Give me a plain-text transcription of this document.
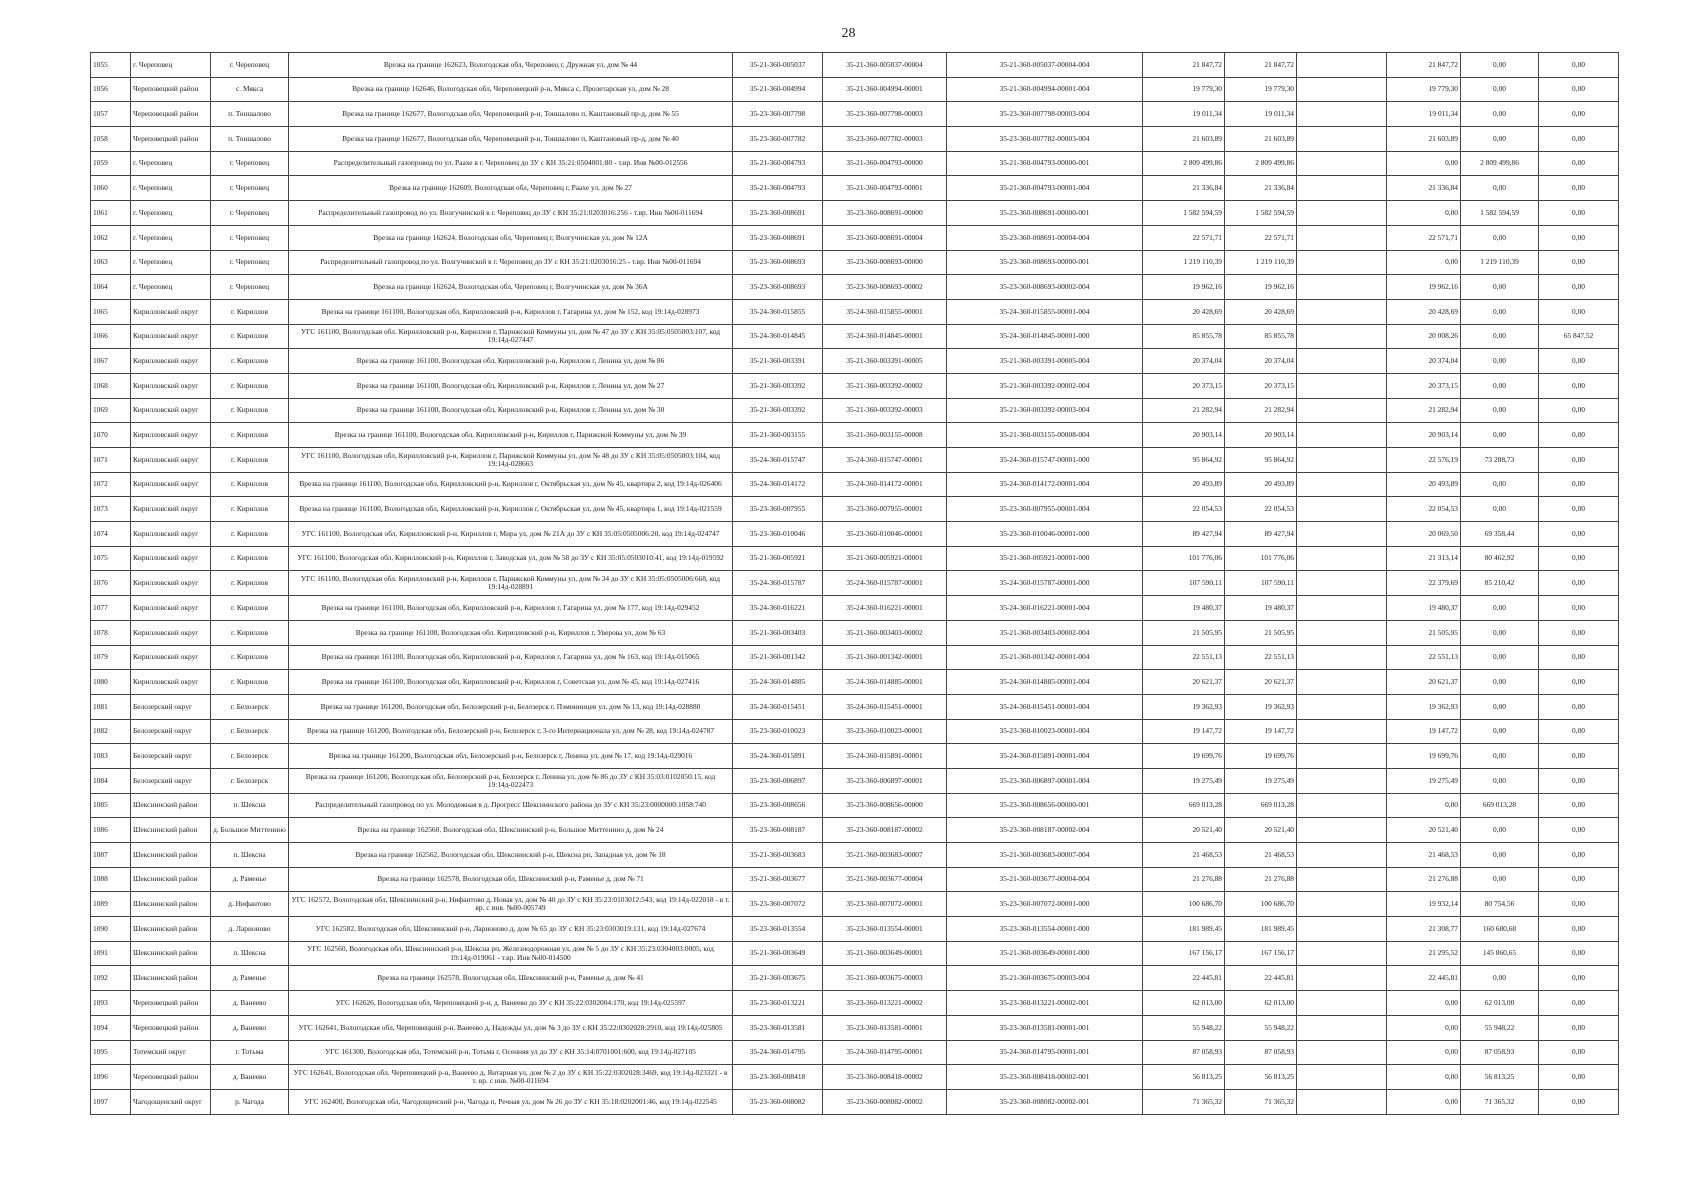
28
1055	г. Череповец	г. Череповец	Врезка на границе 162623, Вологодская обл, Череповец г, Дружная ул, дом № 44	35-21-360-005037	35-21-360-005037-00004	35-21-360-005037-00004-004	21 847,72	21 847,72		21 847,72	0,00	0,00
1056	Череповецкий район	с. Мякса	Врезка на границе 162646, Вологодская обл, Череповецкий р-н, Мякса с, Пролетарская ул, дом № 28	35-21-360-004994	35-21-360-004994-00001	35-21-360-004994-00001-004	19 779,30	19 779,30		19 779,30	0,00	0,00
1057	Череповецкий район	п. Тоншалово	Врезка на границе 162677, Вологодская обл, Череповецкий р-н, Тоншалово п, Каштановый пр-д, дом № 55	35-23-360-007798	35-23-360-007798-00003	35-23-360-007798-00003-004	19 011,34	19 011,34		19 011,34	0,00	0,00
1058	Череповецкий район	п. Тоншалово	Врезка на границе 162677, Вологодская обл, Череповецкий р-н, Тоншалово п, Каштановый пр-д, дом № 40	35-23-360-007782	35-23-360-007782-00003	35-23-360-007782-00003-004	21 603,89	21 603,89		21 603,89	0,00	0,00
1059	г. Череповец	г. Череповец	Распределительный газопровод по ул. Раахе в г. Череповец до ЗУ с КН 35:21:0504001:80 - т.вр. Инв №00-012556	35-21-360-004793	35-21-360-004793-00000	35-21-360-004793-00000-001	2 809 499,86	2 809 499,86		0,00	2 809 499,86	0,00
1060	г. Череповец	г. Череповец	Врезка на границе 162609, Вологодская обл, Череповец г, Раахе ул, дом № 27	35-21-360-004793	35-21-360-004793-00001	35-21-360-004793-00001-004	21 336,84	21 336,84		21 336,84	0,00	0,00
1061	г. Череповец	г. Череповец	Распределительный газопровод по ул. Волгучинской в г. Череповец до ЗУ с КН 35:21:0203016:256 - т.вр. Инв №00-011694	35-23-360-008691	35-23-360-008691-00000	35-23-360-008691-00000-001	1 582 594,59	1 582 594,59		0,00	1 582 594,59	0,00
1062	г. Череповец	г. Череповец	Врезка на границе 162624, Вологодская обл, Череповец г, Волгучинская ул, дом № 12А	35-23-360-008691	35-23-360-008691-00004	35-23-360-008691-00004-004	22 571,71	22 571,71		22 571,71	0,00	0,00
1063	г. Череповец	г. Череповец	Распределительный газопровод по ул. Волгучинской в г. Череповец до ЗУ с КН 35:21:0203016:25 - т.вр. Инв №00-011694	35-23-360-008693	35-23-360-008693-00000	35-23-360-008693-00000-001	1 219 110,39	1 219 110,39		0,00	1 219 110,39	0,00
1064	г. Череповец	г. Череповец	Врезка на границе 162624, Вологодская обл, Череповец г, Волгучинская ул, дом № 36А	35-23-360-008693	35-23-360-008693-00002	35-23-360-008693-00002-004	19 962,16	19 962,16		19 962,16	0,00	0,00
1065	Кирилловский округ	г. Кириллов	Врезка на границе 161100, Вологодская обл, Кирилловский р-н, Кириллов г, Гагарина ул, дом № 152, код 19:14д-028973	35-24-360-015855	35-24-360-015855-00001	35-24-360-015855-00001-004	20 428,69	20 428,69		20 428,69	0,00	0,00
1066	Кирилловский округ	г. Кириллов	УГС 161100, Вологодская обл. Кирилловский р-н, Кириллов г, Парижской Коммуны ул, дом № 47 до ЗУ с КН 35:05:0505003:107, код 19:14д-027447	35-24-360-014845	35-24-360-014845-00001	35-24-360-014845-00001-000	85 855,78	85 855,78		20 008,26	0,00	65 847,52
1067	Кирилловский округ	г. Кириллов	Врезка на границе 161100, Вологодская обл, Кирилловский р-н, Кириллов г, Ленина ул, дом № 86	35-21-360-003391	35-21-360-003391-00005	35-21-360-003391-00005-004	20 374,04	20 374,04		20 374,04	0,00	0,00
1068	Кирилловский округ	г. Кириллов	Врезка на границе 161100, Вологодская обл, Кирилловский р-н, Кириллов г, Ленина ул, дом № 27	35-21-360-003392	35-21-360-003392-00002	35-21-360-003392-00002-004	20 373,15	20 373,15		20 373,15	0,00	0,00
1069	Кирилловский округ	г. Кириллов	Врезка на границе 161100, Вологодская обл, Кирилловский р-н, Кириллов г, Ленина ул, дом № 30	35-21-360-003392	35-21-360-003392-00003	35-21-360-003392-00003-004	21 282,94	21 282,94		21 282,94	0,00	0,00
1070	Кирилловский округ	г. Кириллов	Врезка на границе 161100, Вологодская обл, Кирилловский р-н, Кириллов г, Парижской Коммуны ул, дом № 39	35-21-360-003155	35-21-360-003155-00008	35-21-360-003155-00008-004	20 903,14	20 903,14		20 903,14	0,00	0,00
1071	Кирилловский округ	г. Кириллов	УГС 161100, Вологодская обл, Кирилловский р-н, Кириллов г, Парижской Коммуны ул, дом № 48 до ЗУ с КН 35:05:0505003:104, код 19:14д-028663	35-24-360-015747	35-24-360-015747-00001	35-24-360-015747-00001-000	95 864,92	95 864,92		22 576,19	73 288,73	0,00
1072	Кирилловский округ	г. Кириллов	Врезка на границе 161100, Вологодская обл, Кирилловский р-н, Кириллов г, Октябрьская ул, дом № 45, квартира 2, код 19:14д-026406	35-24-360-014172	35-24-360-014172-00001	35-24-360-014172-00001-004	20 493,89	20 493,89		20 493,89	0,00	0,00
1073	Кирилловский округ	г. Кириллов	Врезка на границе 161100, Вологодская обл, Кирилловский р-н, Кириллов г, Октябрьская ул, дом № 45, квартира 1, код 19:14д-021559	35-23-360-007955	35-23-360-007955-00001	35-23-360-007955-00001-004	22 054,53	22 054,53		22 054,53	0,00	0,00
1074	Кирилловский округ	г. Кириллов	УГС 161100, Вологодская обл, Кирилловский р-н, Кириллов г, Мира ул, дом № 21А до ЗУ с КН 35:05:0505006:20, код 19:14д-024747	35-23-360-010046	35-23-360-010046-00001	35-23-360-010046-00001-000	89 427,94	89 427,94		20 069,50	69 358,44	0,00
1075	Кирилловский округ	г. Кириллов	УГС 161100, Вологодская обл, Кирилловский р-н, Кириллов г, Заводская ул, дом № 58 до ЗУ с КН 35:05:0503010:41, код 19:14д-019592	35-21-360-005921	35-21-360-005921-00001	35-21-360-005921-00001-000	101 776,06	101 776,06		21 313,14	80 462,92	0,00
1076	Кирилловский округ	г. Кириллов	УГС 161100, Вологодская обл. Кирилловский р-н, Кириллов г, Парижской Коммуны ул, дом № 34 до ЗУ с КН 35:05:0505006:668, код 19:14д-028891	35-24-360-015787	35-24-360-015787-00001	35-24-360-015787-00001-000	107 590,11	107 590,11		22 379,69	85 210,42	0,00
1077	Кирилловский округ	г. Кириллов	Врезка на границе 161100, Вологодская обл, Кирилловский р-н, Кириллов г, Гагарина ул, дом № 177, код 19:14д-029452	35-24-360-016221	35-24-360-016221-00001	35-24-360-016221-00001-004	19 480,37	19 480,37		19 480,37	0,00	0,00
1078	Кирилловский округ	г. Кириллов	Врезка на границе 161100, Вологодская обл. Кирилловский р-н, Кириллов г, Уверова ул, дом № 63	35-21-360-003403	35-21-360-003403-00002	35-21-360-003403-00002-004	21 505,95	21 505,95		21 505,95	0,00	0,00
1079	Кирилловский округ	г. Кириллов	Врезка на границе 161100, Вологодская обл, Кирилловский р-н, Кириллов г, Гагарина ул, дом № 163, код 19:14д-015065	35-21-360-001342	35-21-360-001342-00001	35-21-360-001342-00001-004	22 551,13	22 551,13		22 551,13	0,00	0,00
1080	Кирилловский округ	г. Кириллов	Врезка на границе 161100, Вологодская обл, Кирилловский р-н, Кириллов г, Советская ул, дом № 45, код 19:14д-027416	35-24-360-014885	35-24-360-014885-00001	35-24-360-014885-00001-004	20 621,37	20 621,37		20 621,37	0,00	0,00
1081	Белозерский округ	г. Белозерск	Врезка на границе 161200, Вологодская обл, Белозерский р-н, Белозерск г, Пэмининцев ул, дом № 13, код 19:14д-028880	35-24-360-015451	35-24-360-015451-00001	35-24-360-015451-00001-004	19 362,93	19 362,93		19 362,93	0,00	0,00
1082	Белозерский округ	г. Белозерск	Врезка на границе 161200, Вологодская обл, Белозерский р-н, Белозерск г, 3-го Интернационала ул, дом № 28, код 19:14д-024787	35-23-360-010023	35-23-360-010023-00001	35-23-360-010023-00001-004	19 147,72	19 147,72		19 147,72	0,00	0,00
1083	Белозерский округ	г. Белозерск	Врезка на границе 161200, Вологодская обл, Белозерский р-н, Белозерск г, Ленина ул, дом № 17, код 19:14д-029016	35-24-360-015891	35-24-360-015891-00001	35-24-360-015891-00001-004	19 699,76	19 699,76		19 699,76	0,00	0,00
1084	Белозерский округ	г. Белозерск	Врезка на границе 161200, Вологодская обл, Белозерский р-н, Белозерск г, Ленина ул, дом № 86 до ЗУ с КН 35:03:0102050:15, код 19:14д-022473	35-23-360-006897	35-23-360-006897-00001	35-23-360-006897-00001-004	19 275,49	19 275,49		19 275,49	0,00	0,00
1085	Шекснинский район	п. Шексна	Распределительный газопровод по ул. Молодежная в д. Прогресс Шекснинского района до ЗУ с КН 35:23:0000000:1058:740	35-23-360-008656	35-23-360-008656-00000	35-23-360-008656-00000-001	669 013,28	669 013,28		0,00	669 013,28	0,00
1086	Шекснинский район	д. Большое Миттенино	Врезка на границе 162560, Вологодская обл, Шекснинский р-н, Большое Миттенино д, дом № 24	35-23-360-008187	35-23-360-008187-00002	35-23-360-008187-00002-004	20 521,40	20 521,40		20 521,40	0,00	0,00
1087	Шекснинский район	п. Шексна	Врезка на границе 162562, Вологодская обл, Шекснинский р-н, Шексна рп, Западная ул, дом № 18	35-21-360-003683	35-21-360-003683-00007	35-21-360-003683-00007-004	21 468,53	21 468,53		21 468,53	0,00	0,00
1088	Шекснинский район	д. Раменье	Врезка на границе 162578, Вологодская обл, Шекснинский р-н, Раменье д, дом № 71	35-21-360-003677	35-21-360-003677-00004	35-21-360-003677-00004-004	21 276,88	21 276,88		21 276,88	0,00	0,00
1089	Шекснинский район	д. Нифантово	УГС 162572, Вологодская обл, Шекснинский р-н, Нифантово д, Новая ул, дом № 40 до ЗУ с КН 35:23:0103012:543, код 19:14д-022018 - в т. вр. с инв. №00-005749	35-23-360-007072	35-23-360-007072-00001	35-23-360-007072-00001-000	100 686,70	100 686,70		19 932,14	80 754,56	0,00
1090	Шекснинский район	д. Ларионово	УГС 162582, Вологодская обл, Шекснинский р-н, Ларионово д, дом № 65 до ЗУ с КН 35:23:0303019:131, код 19:14д-027674	35-23-360-013554	35-23-360-013554-00001	35-23-360-013554-00001-000	181 989,45	181 989,45		21 308,77	160 680,68	0,00
1091	Шекснинский район	п. Шексна	УГС 162560, Вологодская обл, Шекснинский р-н, Шексна рп, Железнодорожная ул, дом № 5 до ЗУ с КН 35:23:0304003:0005, код 19:14д-019061 - т.вр. Инв №00-014500	35-21-360-003649	35-21-360-003649-00001	35-21-360-003649-00001-000	167 156,17	167 156,17		21 295,52	145 860,65	0,00
1092	Шекснинский район	д. Раменье	Врезка на границе 162578, Вологодская обл, Шекснинский р-н, Раменье д, дом № 41	35-21-360-003675	35-21-360-003675-00003	35-21-360-003675-00003-004	22 445,81	22 445,81		22 445,81	0,00	0,00
1093	Череповецкий район	д. Ванеево	УГС 162626, Вологодская обл, Череповецкий р-н, д. Ванеево до ЗУ с КН 35:22:0302004:170, код 19:14д-025597	35-23-360-013221	35-23-360-013221-00002	35-23-360-013221-00002-001	62 013,00	62 013,00		0,00	62 013,00	0,00
1094	Череповецкий район	д. Ванеево	УГС 162641, Вологодская обл, Череповецкий р-н, Ванеево д, Надежды ул, дом № 3 до ЗУ с КН 35:22:0302028:2910, код 19:14д-025805	35-23-360-013581	35-23-360-013581-00001	35-23-360-013581-00001-001	55 948,22	55 948,22		0,00	55 948,22	0,00
1095	Тотемский округ	г. Тотьма	УГС 161300, Вологодская обл, Тотемский р-н, Тотьма г, Осенняя ул до ЗУ с КН 35:14:0701001:600, код 19:14д-027105	35-24-360-014795	35-24-360-014795-00001	35-24-360-014795-00001-001	87 058,93	87 058,93		0,00	87 058,93	0,00
1096	Череповецкий район	д. Ванеево	УГС 162641, Вологодская обл. Череповецкий р-н, Ванеево д, Янтарная ул, дом № 2 до ЗУ с КН 35:22:0302028:3469, код 19:14д-023321 - в т. вр. с инв. №00-011694	35-23-360-008418	35-23-360-008418-00002	35-23-360-008418-00002-001	56 813,25	56 813,25		0,00	56 813,25	0,00
1097	Чагодощенский округ	р. Чагода	УГС 162400, Вологодская обл, Чагодощенский р-н, Чагода п, Речная ул, дом № 26 до ЗУ с КН 35:18:0202001:46, код 19:14д-022545	35-23-360-008082	35-23-360-008082-00002	35-23-360-008082-00002-001	71 365,32	71 365,32		0,00	71 365,32	0,00
